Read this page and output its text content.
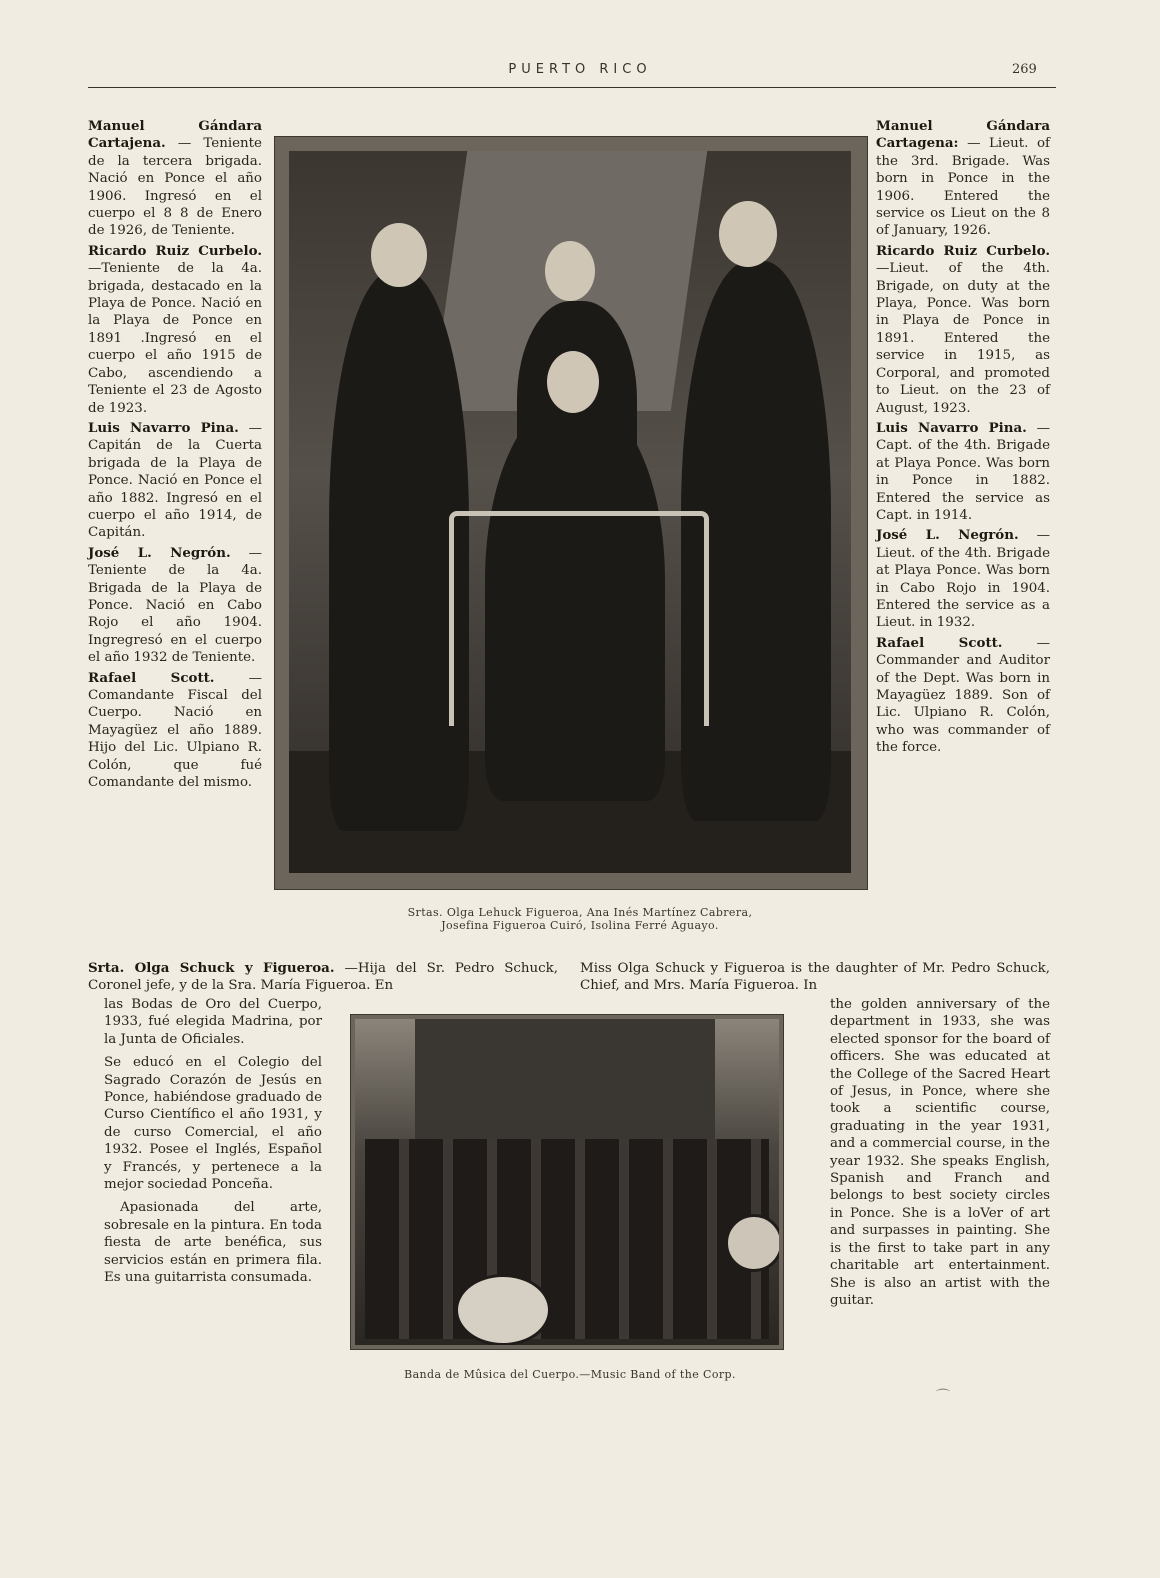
PUERTO RICO	269

Manuel Gándara Cartajena. — Teniente de la tercera brigada. Nació en Ponce el año 1906. Ingresó en el cuerpo el 8 8 de Enero de 1926, de Teniente.

Ricardo Ruiz Curbelo. —Teniente de la 4a. brigada, destacado en la Playa de Ponce. Nació en la Playa de Ponce en 1891 .Ingresó en el cuerpo el año 1915 de Cabo, ascendiendo a Teniente el 23 de Agosto de 1923.

Luis Navarro Pina. —Capitán de la Cuerta brigada de la Playa de Ponce. Nació en Ponce el año 1882. Ingresó en el cuerpo el año 1914, de Capitán.

José L. Negrón. —Teniente de la 4a. Brigada de la Playa de Ponce. Nació en Cabo Rojo el año 1904. Ingregresó en el cuerpo el año 1932 de Teniente.

Rafael Scott.	— Comandante Fiscal del Cuerpo. Nació en Mayagüez el año 1889. Hijo del Lic. Ulpiano R. Colón, que fué Comandante del mismo.

Srtas. Olga Lehuck Figueroa, Ana Inés Martínez Cabrera,
Josefina Figueroa Cuiró, Isolina Ferré Aguayo.

Manuel Gándara Cartagena: — Lieut. of the 3rd. Brigade. Was born in Ponce in the 1906. Entered the service os Lieut on the 8 of January, 1926.

Ricardo Ruiz Curbelo. —Lieut. of the 4th. Brigade, on duty at the Playa, Ponce. Was born in Playa de Ponce in 1891. Entered the service in 1915, as Corporal, and promoted to Lieut. on the 23 of August, 1923.

Luis Navarro Pina. —Capt. of the 4th. Brigade at Playa Ponce. Was born in Ponce in 1882. Entered the service as Capt. in 1914.

José L. Negrón. — Lieut. of the 4th. Brigade at Playa Ponce. Was born in Cabo Rojo in 1904. Entered the service as a Lieut. in 1932.

Rafael Scott.	—Commander and Auditor of the Dept. Was born in Mayagüez 1889. Son of Lic. Ulpiano R. Colón, who was commander of the force.

Srta. Olga Schuck y Figueroa. —Hija del Sr. Pedro Schuck, Coronel jefe, y de la Sra. María Figueroa. En

Miss Olga Schuck y Figueroa is the daughter of Mr. Pedro Schuck, Chief, and Mrs. María Figueroa. In

las Bodas de Oro del Cuerpo, 1933, fué elegida Madrina, por la Junta de Oficiales.

Se educó en el Colegio del Sagrado Corazón de Jesús en Ponce, habiéndose graduado de Curso Científico el año 1931, y de curso Comercial, el año 1932. Posee el Inglés, Español y Francés, y pertenece a la mejor sociedad Ponceña.

Apasionada del arte, sobresale en la pintura. En toda fiesta de arte benéfica, sus servicios están en primera fila. Es una guitarrista consumada.

Banda de Mûsica del Cuerpo.—Music Band of the Corp.

the golden anniversary of the department in 1933, she was elected sponsor for the board of officers. She was educated at the College of the Sacred Heart of Jesus, in Ponce, where she took a scientific course, graduating in the year 1931, and a commercial course, in the year 1932. She speaks English, Spanish and Franch and belongs to best society circles in Ponce. She is a loVer of art and surpasses in painting. She is the first to take part in any charitable art entertainment. She is also an artist with the guitar.

⌒
